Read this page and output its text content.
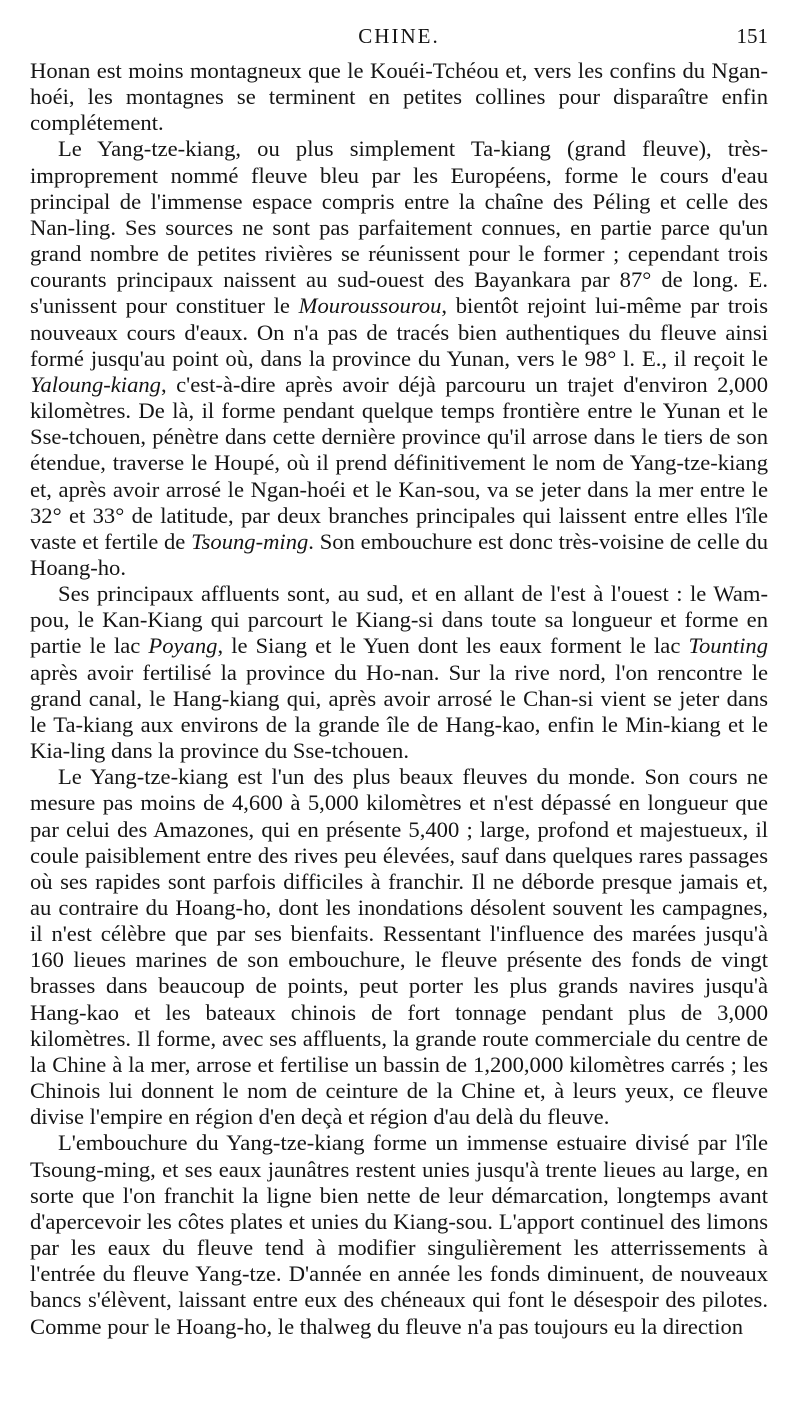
CHINE.	151

Honan est moins montagneux que le Kouéi-Tchéou et, vers les confins du Ngan-hoéi, les montagnes se terminent en petites collines pour disparaître enfin complétement.

Le Yang-tze-kiang, ou plus simplement Ta-kiang (grand fleuve), très-improprement nommé fleuve bleu par les Européens, forme le cours d'eau principal de l'immense espace compris entre la chaîne des Péling et celle des Nan-ling. Ses sources ne sont pas parfaitement connues, en partie parce qu'un grand nombre de petites rivières se réunissent pour le former ; cependant trois courants principaux naissent au sud-ouest des Bayankara par 87° de long. E. s'unissent pour constituer le Mouroussourou, bientôt rejoint lui-même par trois nouveaux cours d'eaux. On n'a pas de tracés bien authentiques du fleuve ainsi formé jusqu'au point où, dans la province du Yunan, vers le 98° l. E., il reçoit le Yaloung-kiang, c'est-à-dire après avoir déjà parcouru un trajet d'environ 2,000 kilomètres. De là, il forme pendant quelque temps frontière entre le Yunan et le Sse-tchouen, pénètre dans cette dernière province qu'il arrose dans le tiers de son étendue, traverse le Houpé, où il prend définitivement le nom de Yang-tze-kiang et, après avoir arrosé le Ngan-hoéi et le Kan-sou, va se jeter dans la mer entre le 32° et 33° de latitude, par deux branches principales qui laissent entre elles l'île vaste et fertile de Tsoung-ming. Son embouchure est donc très-voisine de celle du Hoang-ho.

Ses principaux affluents sont, au sud, et en allant de l'est à l'ouest : le Wam-pou, le Kan-Kiang qui parcourt le Kiang-si dans toute sa longueur et forme en partie le lac Poyang, le Siang et le Yuen dont les eaux forment le lac Tounting après avoir fertilisé la province du Ho-nan. Sur la rive nord, l'on rencontre le grand canal, le Hang-kiang qui, après avoir arrosé le Chan-si vient se jeter dans le Ta-kiang aux environs de la grande île de Hang-kao, enfin le Min-kiang et le Kia-ling dans la province du Sse-tchouen.

Le Yang-tze-kiang est l'un des plus beaux fleuves du monde. Son cours ne mesure pas moins de 4,600 à 5,000 kilomètres et n'est dépassé en longueur que par celui des Amazones, qui en présente 5,400 ; large, profond et majestueux, il coule paisiblement entre des rives peu élevées, sauf dans quelques rares passages où ses rapides sont parfois difficiles à franchir. Il ne déborde presque jamais et, au contraire du Hoang-ho, dont les inondations désolent souvent les campagnes, il n'est célèbre que par ses bienfaits. Ressentant l'influence des marées jusqu'à 160 lieues marines de son embouchure, le fleuve présente des fonds de vingt brasses dans beaucoup de points, peut porter les plus grands navires jusqu'à Hang-kao et les bateaux chinois de fort tonnage pendant plus de 3,000 kilomètres. Il forme, avec ses affluents, la grande route commerciale du centre de la Chine à la mer, arrose et fertilise un bassin de 1,200,000 kilomètres carrés ; les Chinois lui donnent le nom de ceinture de la Chine et, à leurs yeux, ce fleuve divise l'empire en région d'en deçà et région d'au delà du fleuve.

L'embouchure du Yang-tze-kiang forme un immense estuaire divisé par l'île Tsoung-ming, et ses eaux jaunâtres restent unies jusqu'à trente lieues au large, en sorte que l'on franchit la ligne bien nette de leur démarcation, longtemps avant d'apercevoir les côtes plates et unies du Kiang-sou. L'apport continuel des limons par les eaux du fleuve tend à modifier singulièrement les atterrissements à l'entrée du fleuve Yang-tze. D'année en année les fonds diminuent, de nouveaux bancs s'élèvent, laissant entre eux des chéneaux qui font le désespoir des pilotes. Comme pour le Hoang-ho, le thalweg du fleuve n'a pas toujours eu la direction
